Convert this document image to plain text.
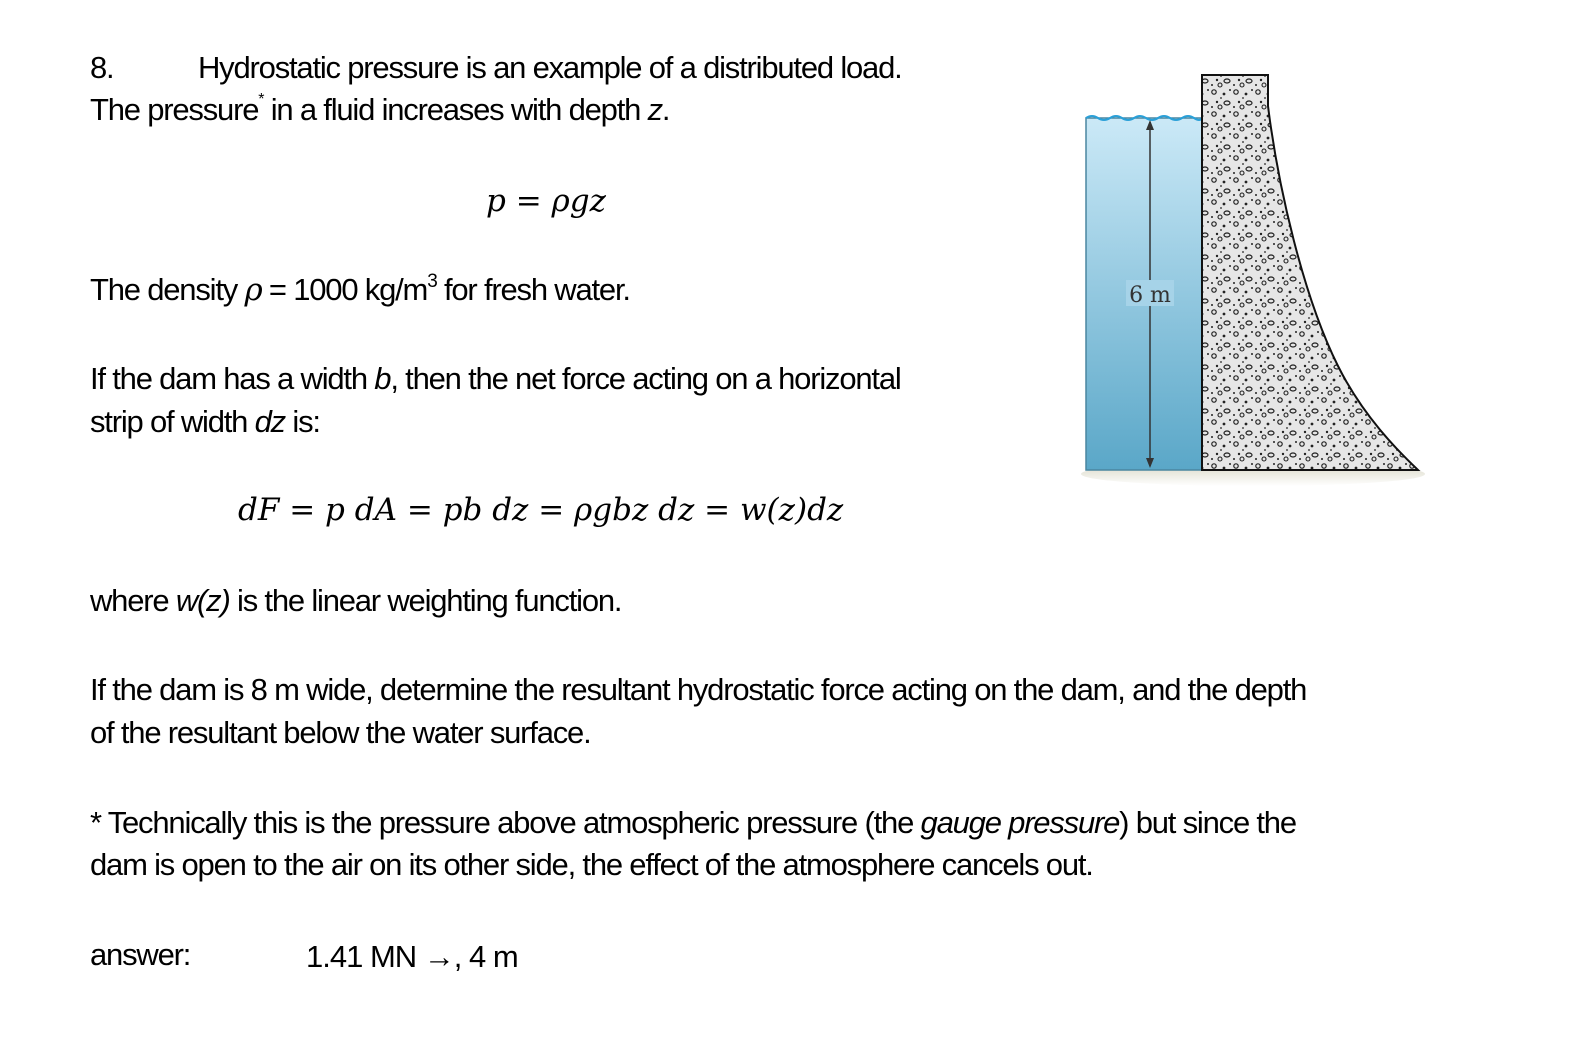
8.	Hydrostatic pressure is an example of a distributed load.
The pressure* in a fluid increases with depth z.
p = ρgz
The density ρ = 1000 $kg/m^3$ for fresh water.
If the dam has a width b, then the net force acting on a horizontal
strip of width dz is:
dF = p dA = pb dz = ρgbz dz = w(z)dz
where w(z) is the linear weighting function.
If the dam is 8 m wide, determine the resultant hydrostatic force acting on the dam, and the depth
of the resultant below the water surface.
* Technically this is the pressure above atmospheric pressure (the gauge pressure) but since the
dam is open to the air on its other side, the effect of the atmosphere cancels out.
answer:	1.41 MN →, 4 m
6 m
